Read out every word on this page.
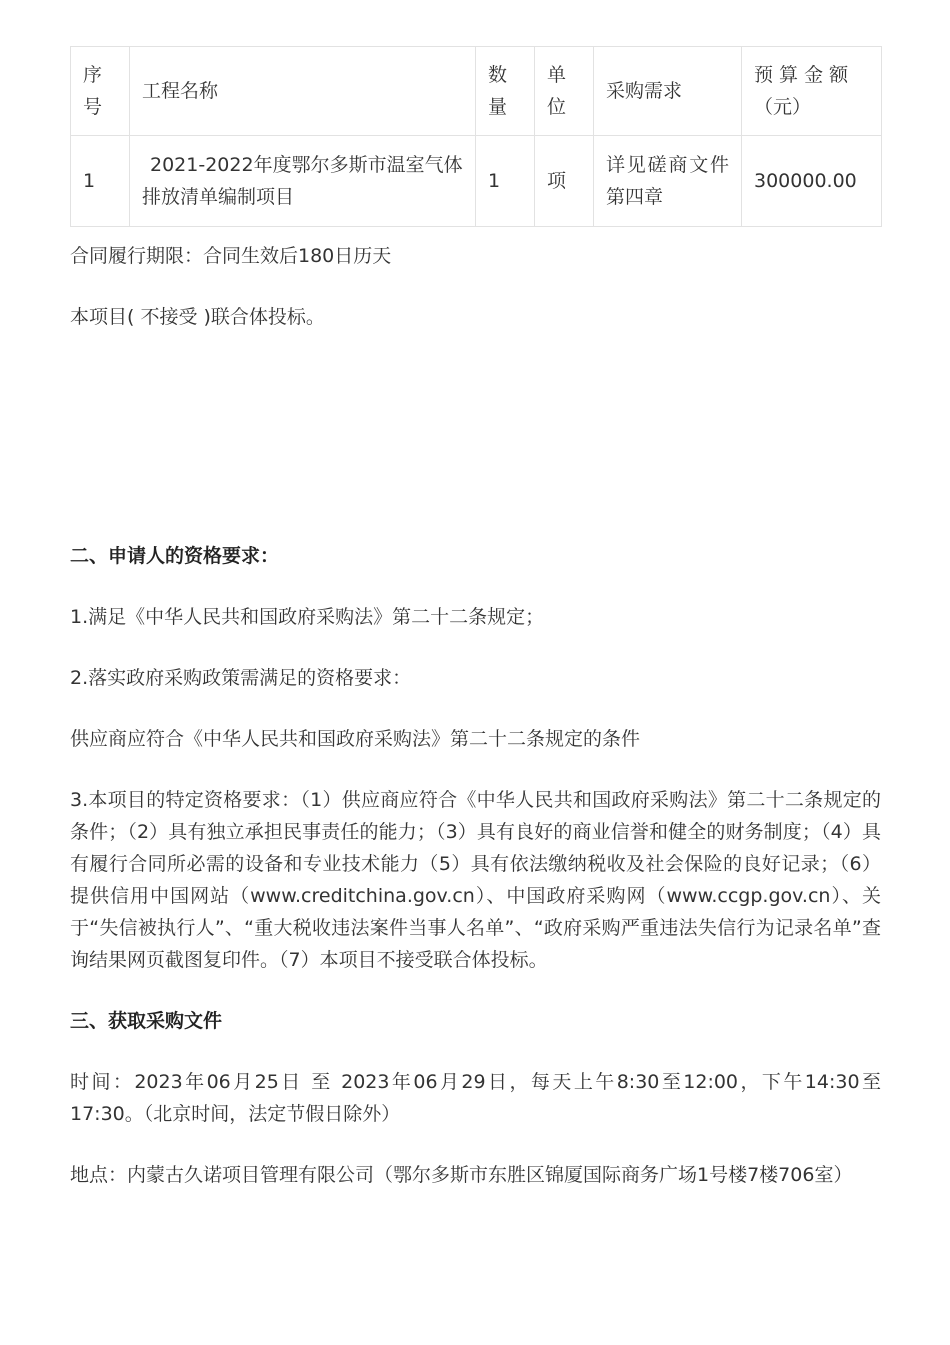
序号	工程名称	数量	单位	采购需求	预 算 金 额（元）
1	2021-2022年度鄂尔多斯市温室气体排放清单编制项目	1	项	详见磋商文件第四章	300000.00

合同履行期限：合同生效后180日历天

本项目( 不接受 )联合体投标。

二、申请人的资格要求：

1.满足《中华人民共和国政府采购法》第二十二条规定；

2.落实政府采购政策需满足的资格要求：

供应商应符合《中华人民共和国政府采购法》第二十二条规定的条件

3.本项目的特定资格要求：（1）供应商应符合《中华人民共和国政府采购法》第二十二条规定的条件；（2）具有独立承担民事责任的能力；（3）具有良好的商业信誉和健全的财务制度；（4）具有履行合同所必需的设备和专业技术能力（5）具有依法缴纳税收及社会保险的良好记录；（6）提供信用中国网站（www.creditchina.gov.cn）、中国政府采购网（www.ccgp.gov.cn）、关于“失信被执行人”、“重大税收违法案件当事人名单”、“政府采购严重违法失信行为记录名单”查询结果网页截图复印件。（7）本项目不接受联合体投标。

三、获取采购文件

时间：2023年06月25日 至 2023年06月29日，每天上午8:30至12:00，下午14:30至17:30。（北京时间，法定节假日除外）

地点：内蒙古久诺项目管理有限公司（鄂尔多斯市东胜区锦厦国际商务广场1号楼7楼706室）
